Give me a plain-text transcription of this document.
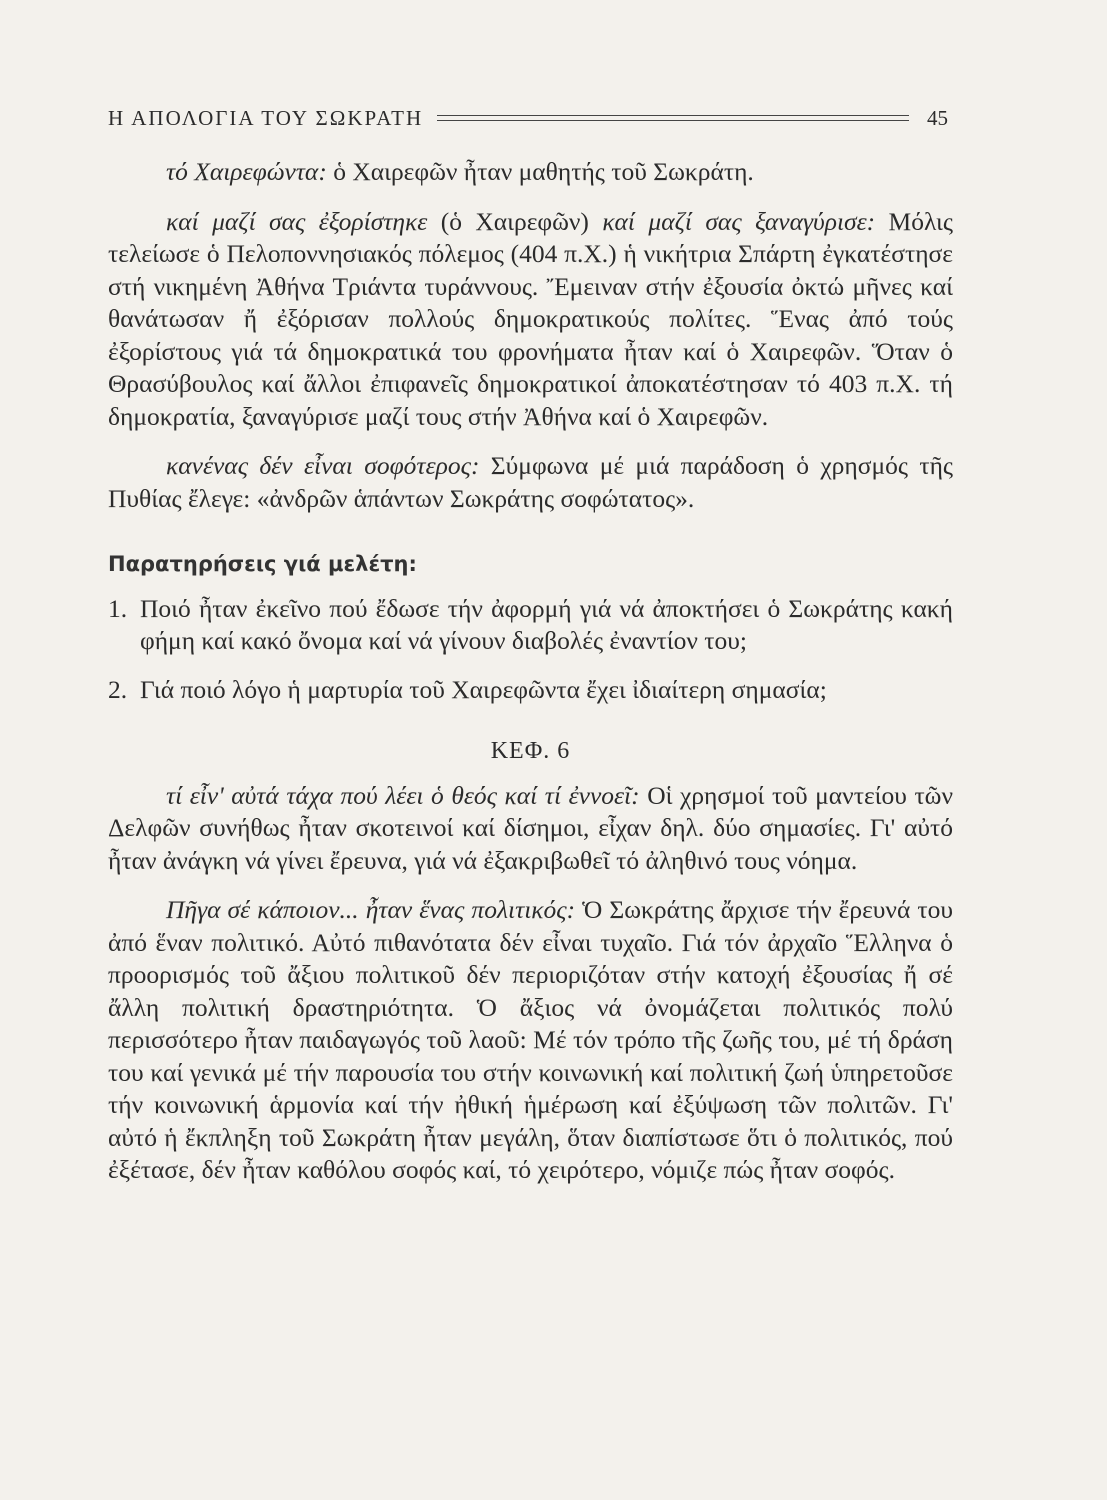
Η ΑΠΟΛΟΓΙΑ ΤΟΥ ΣΩΚΡΑΤΗ	45

τό Χαιρεφώντα: ὁ Χαιρεφῶν ἦταν μαθητής τοῦ Σωκράτη.

καί μαζί σας ἐξορίστηκε (ὁ Χαιρεφῶν) καί μαζί σας ξαναγύρισε: Μόλις τελείωσε ὁ Πελοποννησιακός πόλεμος (404 π.Χ.) ἡ νικήτρια Σπάρτη ἐγκατέστησε στή νικημένη Ἀθήνα Τριάντα τυράννους. Ἔμειναν στήν ἐξουσία ὀκτώ μῆνες καί θανάτωσαν ἤ ἐξόρισαν πολλούς δημοκρατικούς πολίτες. Ἕνας ἀπό τούς ἐξορίστους γιά τά δημοκρατικά του φρονήματα ἦταν καί ὁ Χαιρεφῶν. Ὅταν ὁ Θρασύβουλος καί ἄλλοι ἐπιφανεῖς δημοκρατικοί ἀποκατέστησαν τό 403 π.Χ. τή δημοκρατία, ξαναγύρισε μαζί τους στήν Ἀθήνα καί ὁ Χαιρεφῶν.

κανένας δέν εἶναι σοφότερος: Σύμφωνα μέ μιά παράδοση ὁ χρησμός τῆς Πυθίας ἔλεγε: «ἀνδρῶν ἁπάντων Σωκράτης σοφώτατος».

Παρατηρήσεις γιά μελέτη:
1. Ποιό ἦταν ἐκεῖνο πού ἔδωσε τήν ἀφορμή γιά νά ἀποκτήσει ὁ Σωκράτης κακή φήμη καί κακό ὄνομα καί νά γίνουν διαβολές ἐναντίον του;
2. Γιά ποιό λόγο ἡ μαρτυρία τοῦ Χαιρεφῶντα ἔχει ἰδιαίτερη σημασία;
ΚΕΦ. 6

τί εἶν' αὐτά τάχα πού λέει ὁ θεός καί τί ἐννοεῖ: Οἱ χρησμοί τοῦ μαντείου τῶν Δελφῶν συνήθως ἦταν σκοτεινοί καί δίσημοι, εἶχαν δηλ. δύο σημασίες. Γι' αὐτό ἦταν ἀνάγκη νά γίνει ἔρευνα, γιά νά ἐξακριβωθεῖ τό ἀληθινό τους νόημα.

Πῆγα σέ κάποιον... ἦταν ἕνας πολιτικός: Ὁ Σωκράτης ἄρχισε τήν ἔρευνά του ἀπό ἕναν πολιτικό. Αὐτό πιθανότατα δέν εἶναι τυχαῖο. Γιά τόν ἀρχαῖο Ἕλληνα ὁ προορισμός τοῦ ἄξιου πολιτικοῦ δέν περιοριζόταν στήν κατοχή ἐξουσίας ἤ σέ ἄλλη πολιτική δραστηριότητα. Ὁ ἄξιος νά ὀνομάζεται πολιτικός πολύ περισσότερο ἦταν παιδαγωγός τοῦ λαοῦ: Μέ τόν τρόπο τῆς ζωῆς του, μέ τή δράση του καί γενικά μέ τήν παρουσία του στήν κοινωνική καί πολιτική ζωή ὑπηρετοῦσε τήν κοινωνική ἁρμονία καί τήν ἠθική ἡμέρωση καί ἐξύψωση τῶν πολιτῶν. Γι' αὐτό ἡ ἔκπληξη τοῦ Σωκράτη ἦταν μεγάλη, ὅταν διαπίστωσε ὅτι ὁ πολιτικός, πού ἐξέτασε, δέν ἦταν καθόλου σοφός καί, τό χειρότερο, νόμιζε πώς ἦταν σοφός.
